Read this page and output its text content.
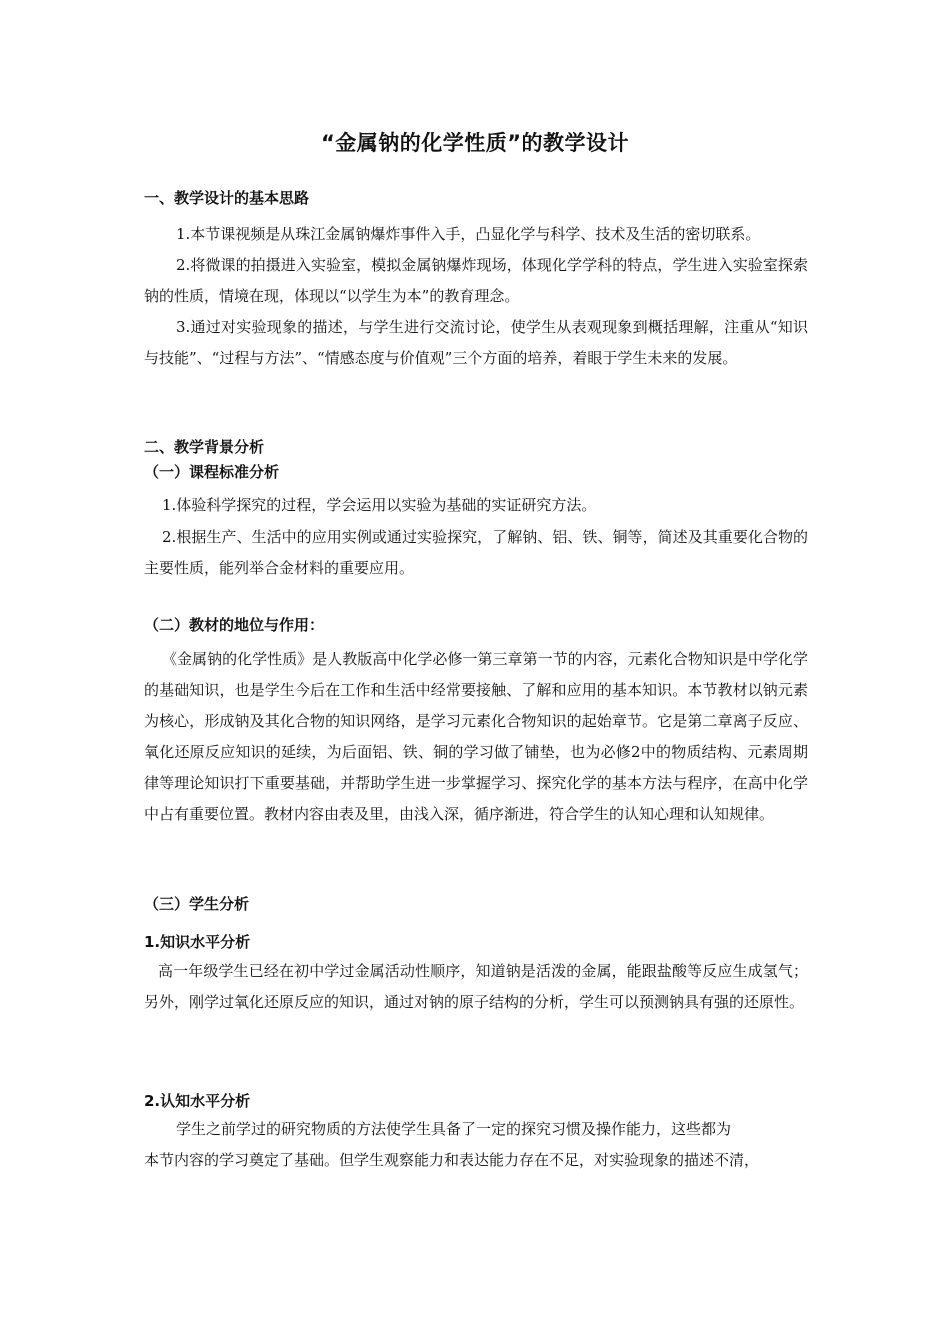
“金属钠的化学性质”的教学设计
一、教学设计的基本思路
1.本节课视频是从珠江金属钠爆炸事件入手，凸显化学与科学、技术及生活的密切联系。
2.将微课的拍摄进入实验室，模拟金属钠爆炸现场，体现化学学科的特点，学生进入实验室探索钠的性质，情境在现，体现以“以学生为本”的教育理念。
3.通过对实验现象的描述，与学生进行交流讨论，使学生从表观现象到概括理解，注重从“知识与技能”、“过程与方法”、“情感态度与价值观”三个方面的培养，着眼于学生未来的发展。
二、教学背景分析
（一）课程标准分析
1.体验科学探究的过程，学会运用以实验为基础的实证研究方法。
2.根据生产、生活中的应用实例或通过实验探究，了解钠、铝、铁、铜等，简述及其重要化合物的主要性质，能列举合金材料的重要应用。
（二）教材的地位与作用：
《金属钠的化学性质》是人教版高中化学必修一第三章第一节的内容，元素化合物知识是中学化学的基础知识，也是学生今后在工作和生活中经常要接触、了解和应用的基本知识。本节教材以钠元素为核心，形成钠及其化合物的知识网络，是学习元素化合物知识的起始章节。它是第二章离子反应、氧化还原反应知识的延续，为后面铝、铁、铜的学习做了铺垫，也为必修2中的物质结构、元素周期律等理论知识打下重要基础，并帮助学生进一步掌握学习、探究化学的基本方法与程序，在高中化学中占有重要位置。教材内容由表及里，由浅入深，循序渐进，符合学生的认知心理和认知规律。
（三）学生分析
1.知识水平分析
高一年级学生已经在初中学过金属活动性顺序，知道钠是活泼的金属，能跟盐酸等反应生成氢气；另外，刚学过氧化还原反应的知识，通过对钠的原子结构的分析，学生可以预测钠具有强的还原性。
2.认知水平分析
学生之前学过的研究物质的方法使学生具备了一定的探究习惯及操作能力，这些都为
本节内容的学习奠定了基础。但学生观察能力和表达能力存在不足，对实验现象的描述不清，
